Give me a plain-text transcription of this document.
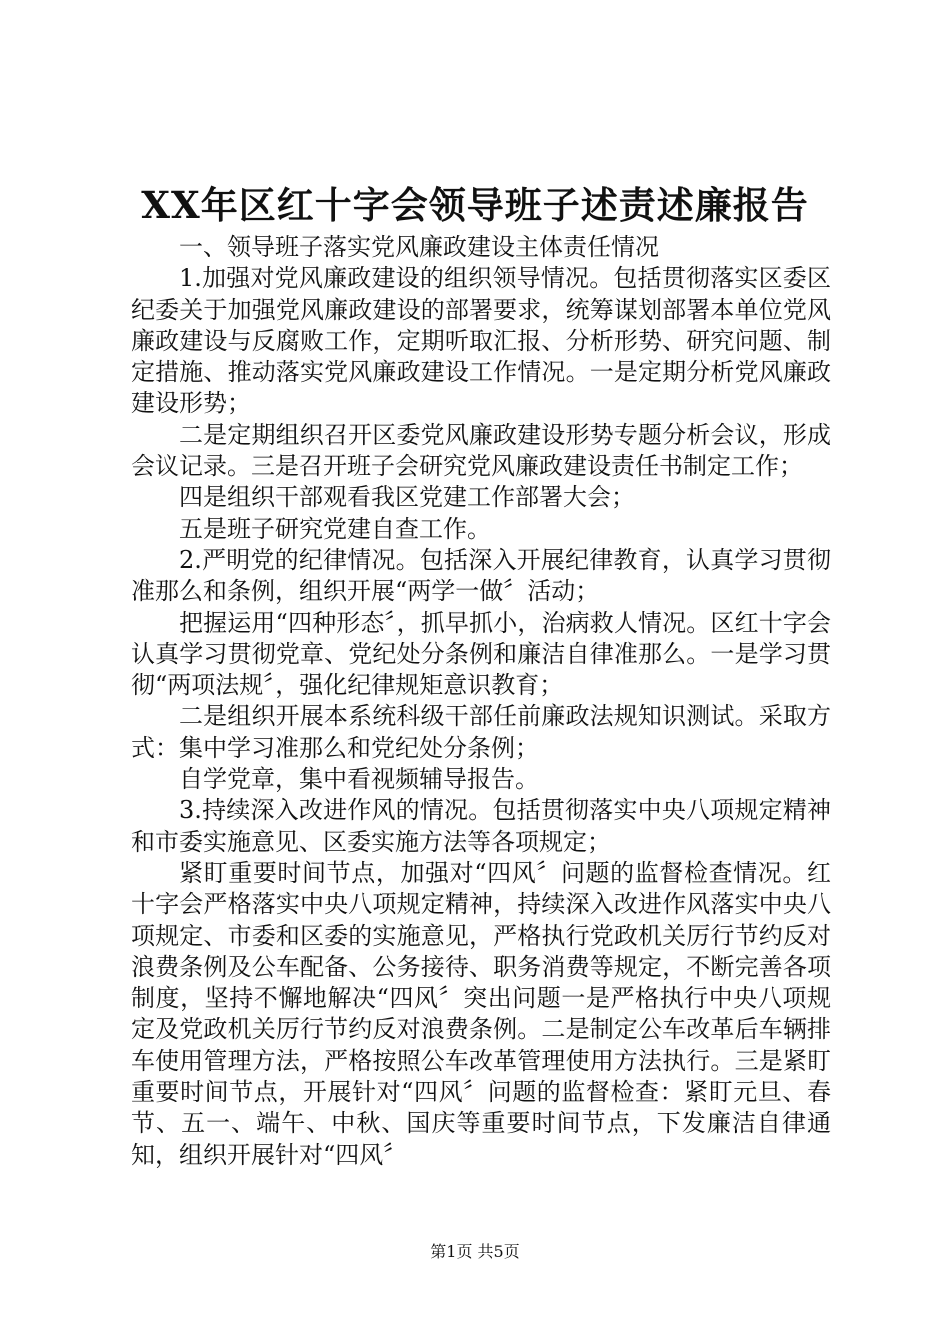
XX年区红十字会领导班子述责述廉报告

一、领导班子落实党风廉政建设主体责任情况

1.加强对党风廉政建设的组织领导情况。包括贯彻落实区委区纪委关于加强党风廉政建设的部署要求，统筹谋划部署本单位党风廉政建设与反腐败工作，定期听取汇报、分析形势、研究问题、制定措施、推动落实党风廉政建设工作情况。一是定期分析党风廉政建设形势；

二是定期组织召开区委党风廉政建设形势专题分析会议，形成会议记录。三是召开班子会研究党风廉政建设责任书制定工作；

四是组织干部观看我区党建工作部署大会；

五是班子研究党建自查工作。

2.严明党的纪律情况。包括深入开展纪律教育，认真学习贯彻准那么和条例，组织开展“两学一做〞活动；

把握运用“四种形态〞，抓早抓小，治病救人情况。区红十字会认真学习贯彻党章、党纪处分条例和廉洁自律准那么。一是学习贯彻“两项法规〞，强化纪律规矩意识教育；

二是组织开展本系统科级干部任前廉政法规知识测试。采取方式：集中学习准那么和党纪处分条例；

自学党章，集中看视频辅导报告。

3.持续深入改进作风的情况。包括贯彻落实中央八项规定精神和市委实施意见、区委实施方法等各项规定；

紧盯重要时间节点，加强对“四风〞问题的监督检查情况。红十字会严格落实中央八项规定精神，持续深入改进作风落实中央八项规定、市委和区委的实施意见，严格执行党政机关厉行节约反对浪费条例及公车配备、公务接待、职务消费等规定，不断完善各项制度，坚持不懈地解决“四风〞突出问题一是严格执行中央八项规定及党政机关厉行节约反对浪费条例。二是制定公车改革后车辆排车使用管理方法，严格按照公车改革管理使用方法执行。三是紧盯重要时间节点，开展针对“四风〞问题的监督检查：紧盯元旦、春节、五一、端午、中秋、国庆等重要时间节点，下发廉洁自律通知，组织开展针对“四风〞

第1页 共5页
